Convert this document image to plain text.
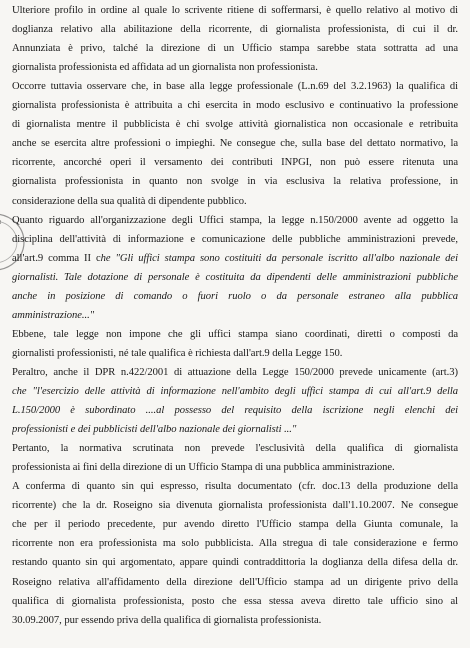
Ulteriore profilo in ordine al quale lo scrivente ritiene di soffermarsi, è quello relativo al motivo di
doglianza relativo alla abilitazione della ricorrente, di giornalista professionista, di cui il dr.
Annunziata è privo, talché la direzione di un Ufficio stampa sarebbe stata sottratta ad una
giornalista professionista ed affidata ad un giornalista non professionista.
Occorre tuttavia osservare che, in base alla legge professionale (L.n.69 del 3.2.1963) la qualifica di
giornalista professionista è attribuita a chi esercita in modo esclusivo e continuativo la professione
di giornalista mentre il pubblicista è chi svolge attività giornalistica non occasionale e retribuita
anche se esercita altre professioni o impieghi. Ne consegue che, sulla base del dettato normativo, la
ricorrente, ancorché operi il versamento dei contributi INPGI, non può essere ritenuta una
giornalista professionista in quanto non svolge in via esclusiva la relativa professione, in
considerazione della sua qualità di dipendente pubblico.
Quanto riguardo all'organizzazione degli Uffici stampa, la legge n.150/2000 avente ad oggetto la
disciplina dell'attività di informazione e comunicazione delle pubbliche amministrazioni prevede,
all'art.9 comma II che "Gli uffici stampa sono costituiti da personale iscritto all'albo nazionale dei
giornalisti. Tale dotazione di personale è costituita da dipendenti delle amministrazioni pubbliche
anche in posizione di comando o fuori ruolo o da personale estraneo alla pubblica
amministrazione..."
Ebbene, tale legge non impone che gli uffici stampa siano coordinati, diretti o composti da
giornalisti professionisti, né tale qualifica è richiesta dall'art.9 della Legge 150.
Peraltro, anche il DPR n.422/2001 di attuazione della Legge 150/2000 prevede unicamente (art.3)
che "l'esercizio delle attività di informazione nell'ambito degli uffici stampa di cui all'art.9 della
L.150/2000 è subordinato ....al possesso del requisito della iscrizione negli elenchi dei
professionisti e dei pubblicisti dell'albo nazionale dei giornalisti ..."
Pertanto, la normativa scrutinata non prevede l'esclusività della qualifica di giornalista
professionista ai fini della direzione di un Ufficio Stampa di una pubblica amministrazione.
A conferma di quanto sin qui espresso, risulta documentato (cfr. doc.13 della produzione della
ricorrente) che la dr. Roseigno sia divenuta giornalista professionista dall'1.10.2007. Ne consegue
che per il periodo precedente, pur avendo diretto l'Ufficio stampa della Giunta comunale, la
ricorrente non era professionista ma solo pubblicista. Alla stregua di tale considerazione e fermo
restando quanto sin qui argomentato, appare quindi contraddittoria la doglianza della difesa della dr.
Roseigno relativa all'affidamento della direzione dell'Ufficio stampa ad un dirigente privo della
qualifica di giornalista professionista, posto che essa stessa aveva diretto tale ufficio sino al
30.09.2007, pur essendo priva della qualifica di giornalista professionista.
